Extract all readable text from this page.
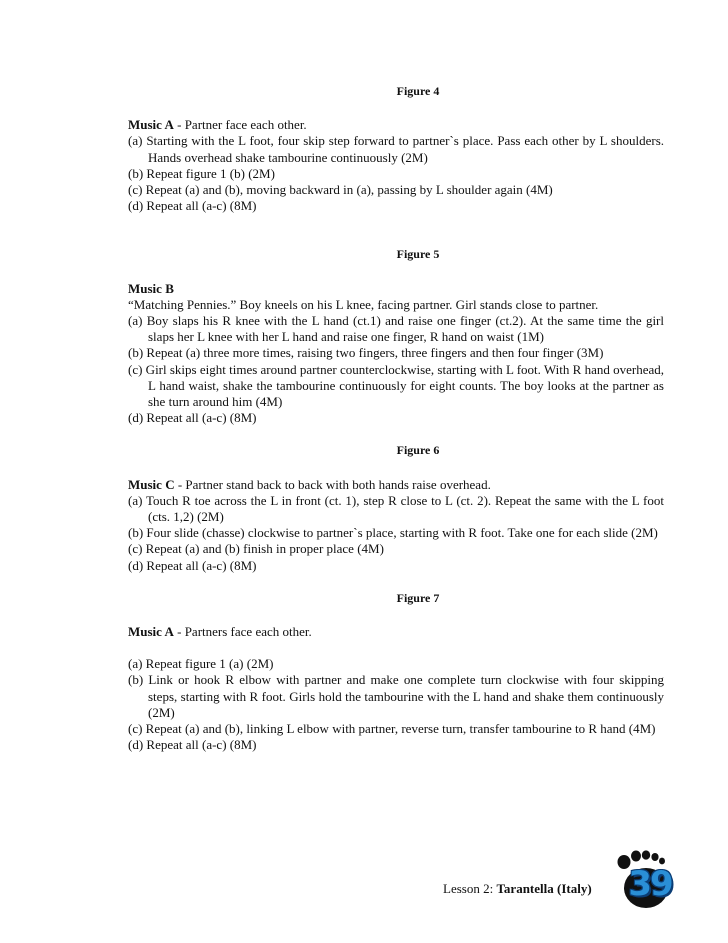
Figure 4

Music A - Partner face each other.

(a) Starting with the L foot, four skip step forward to partner`s place. Pass each other by L shoulders. Hands overhead shake tambourine continuously (2M)

(b) Repeat figure 1 (b) (2M)

(c) Repeat (a) and (b), moving backward in (a), passing by L shoulder again (4M)

(d) Repeat all (a-c) (8M)

Figure 5

Music B

“Matching Pennies.” Boy kneels on his L knee, facing partner. Girl stands close to partner.

(a) Boy slaps his R knee with the L hand (ct.1) and raise one finger (ct.2). At the same time the girl slaps her L knee with her L hand and raise one finger, R hand on waist (1M)

(b) Repeat (a) three more times, raising two fingers, three fingers and then four finger (3M)

(c) Girl skips eight times around partner counterclockwise, starting with L foot. With R hand overhead, L hand waist, shake the tambourine continuously for eight counts. The boy looks at the partner as she turn around him (4M)

(d) Repeat all (a-c) (8M)

Figure 6

Music C - Partner stand back to back with both hands raise overhead.

(a) Touch R toe across the L in front (ct. 1), step R close to L (ct. 2). Repeat the same with the L foot (cts. 1,2) (2M)

(b) Four slide (chasse) clockwise to partner`s place, starting with R foot. Take one for each slide (2M)

(c) Repeat (a) and (b) finish in proper place (4M)

(d) Repeat all (a-c) (8M)

Figure 7

Music A - Partners face each other.

(a) Repeat figure 1 (a) (2M)

(b) Link or hook R elbow with partner and make one complete turn clockwise with four skipping steps, starting with R foot. Girls hold the tambourine with the L hand and shake them continuously (2M)

(c) Repeat (a) and (b), linking L elbow with partner, reverse turn, transfer tambourine to R hand (4M)

(d) Repeat all (a-c) (8M)

Lesson 2: Tarantella (Italy) 39
